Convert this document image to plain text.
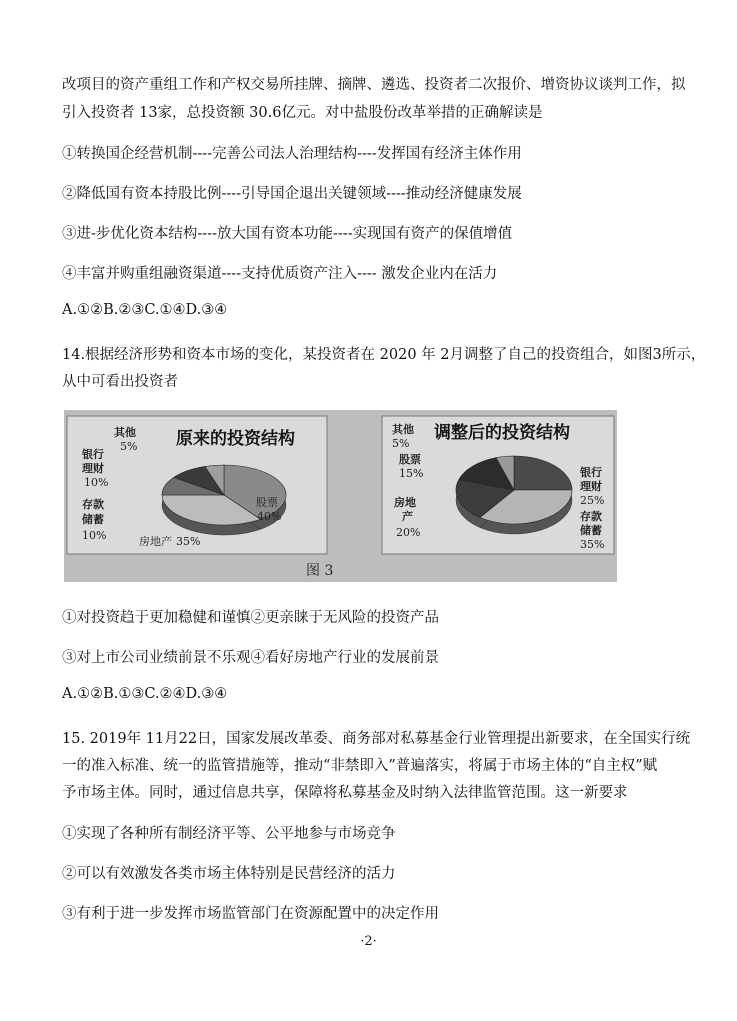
改项目的资产重组工作和产权交易所挂牌、摘牌、遴选、投资者二次报价、增资协议谈判工作，拟
引入投资者 13家，总投资额 30.6亿元。对中盐股份改革举措的正确解读是
①转换国企经营机制----完善公司法人治理结构----发挥国有经济主体作用
②降低国有资本持股比例----引导国企退出关键领域----推动经济健康发展
③进-步优化资本结构----放大国有资本功能----实现国有资产的保值增值
④丰富并购重组融资渠道----支持优质资产注入---- 激发企业内在活力
A.①②B.②③C.①④D.③④
14.根据经济形势和资本市场的变化，某投资者在 2020 年 2月调整了自己的投资组合，如图3所示，
从中可看出投资者
原来的投资结构
股票
40%
房地产 35%
存款
储蓄
10%
银行
理财
10%
其他
5%
调整后的投资结构
银行
理财
25%
存款
储蓄
35%
房地
产
20%
股票
15%
其他
5%
图 3
①对投资趋于更加稳健和谨慎②更亲睐于无风险的投资产品
③对上市公司业绩前景不乐观④看好房地产行业的发展前景
A.①②B.①③C.②④D.③④
15. 2019年 11月22日，国家发展改革委、商务部对私募基金行业管理提出新要求，在全国实行统
一的准入标准、统一的监管措施等，推动“非禁即入”普遍落实，将属于市场主体的“自主权”赋
予市场主体。同时，通过信息共享，保障将私募基金及时纳入法律监管范围。这一新要求
①实现了各种所有制经济平等、公平地参与市场竞争
②可以有效激发各类市场主体特别是民营经济的活力
③有利于进一步发挥市场监管部门在资源配置中的决定作用
·2·
